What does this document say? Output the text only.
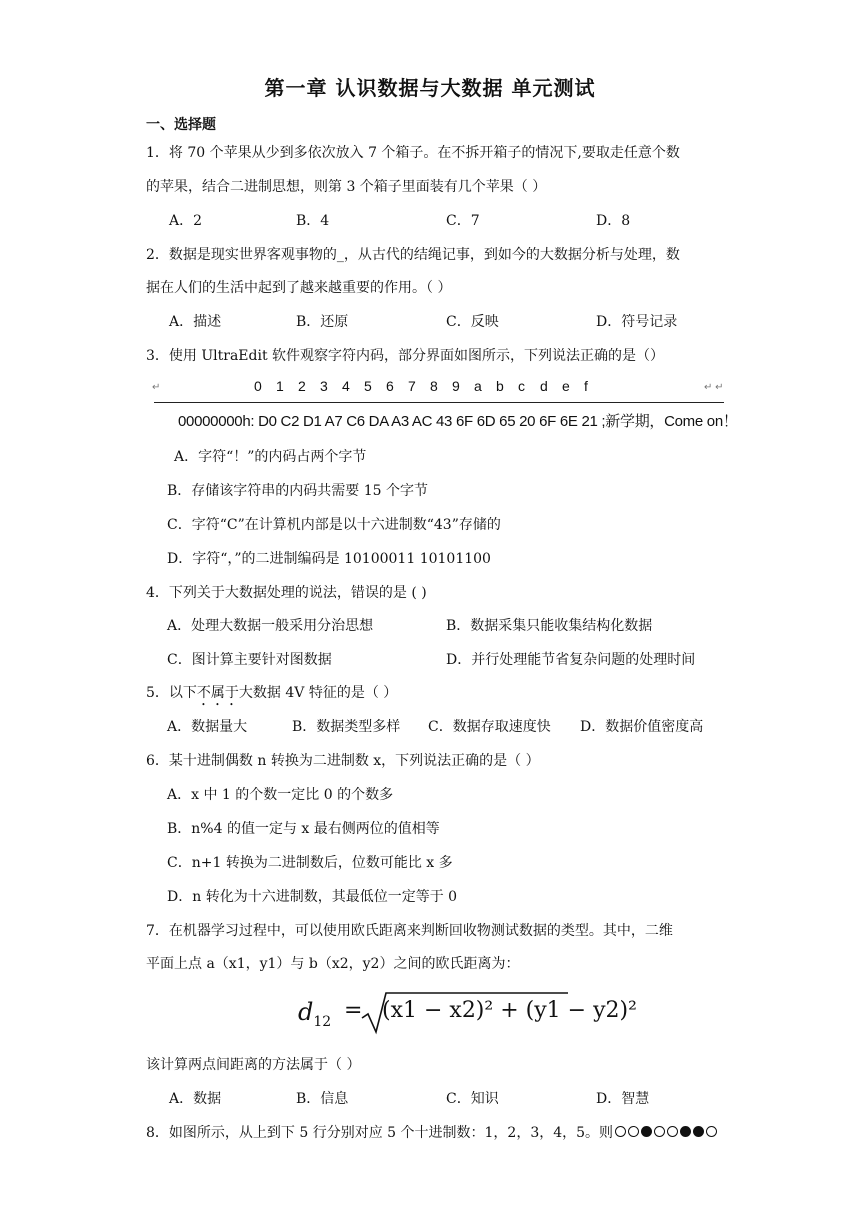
第一章 认识数据与大数据 单元测试
一、选择题
1．将 70 个苹果从少到多依次放入 7 个箱子。在不拆开箱子的情况下,要取走任意个数
的苹果，结合二进制思想，则第 3 个箱子里面装有几个苹果（ ）
A．2	B．4	C．7	D．8
2．数据是现实世界客观事物的_，从古代的结绳记事，到如今的大数据分析与处理，数
据在人们的生活中起到了越来越重要的作用。（ ）
A．描述	B．还原	C．反映	D．符号记录
3．使用 UltraEdit 软件观察字符内码，部分界面如图所示，下列说法正确的是（）
↵	0 1 2 3 4 5 6 7 8 9 a b c d e f	↵ ↵
00000000h: D0 C2 D1 A7 C6 DA A3 AC 43 6F 6D 65 20 6F 6E 21 ;新学期，Come on！
A．字符“！”的内码占两个字节
B．存储该字符串的内码共需要 15 个字节
C．字符“C”在计算机内部是以十六进制数“43”存储的
D．字符“，”的二进制编码是 10100011 10101100
4．下列关于大数据处理的说法，错误的是 ( )
A．处理大数据一般采用分治思想	B．数据采集只能收集结构化数据
C．图计算主要针对图数据	D．并行处理能节省复杂问题的处理时间
5．以下不属于大数据 4V 特征的是（ ）
A．数据量大	B．数据类型多样 C．数据存取速度快 D．数据价值密度高
6．某十进制偶数 n 转换为二进制数 x，下列说法正确的是（ ）
A．x 中 1 的个数一定比 0 的个数多
B．n%4 的值一定与 x 最右侧两位的值相等
C．n+1 转换为二进制数后，位数可能比 x 多
D．n 转化为十六进制数，其最低位一定等于 0
7．在机器学习过程中，可以使用欧氏距离来判断回收物测试数据的类型。其中，二维
平面上点 a（x1，y1）与 b（x2，y2）之间的欧氏距离为：
$d_{12} = (x1 - x2)^2 + (y1 - y2)^2$
该计算两点间距离的方法属于（ ）
A．数据	B．信息	C．知识	D．智慧
8．如图所示，从上到下 5 行分别对应 5 个十进制数：1，2，3，4，5。则
